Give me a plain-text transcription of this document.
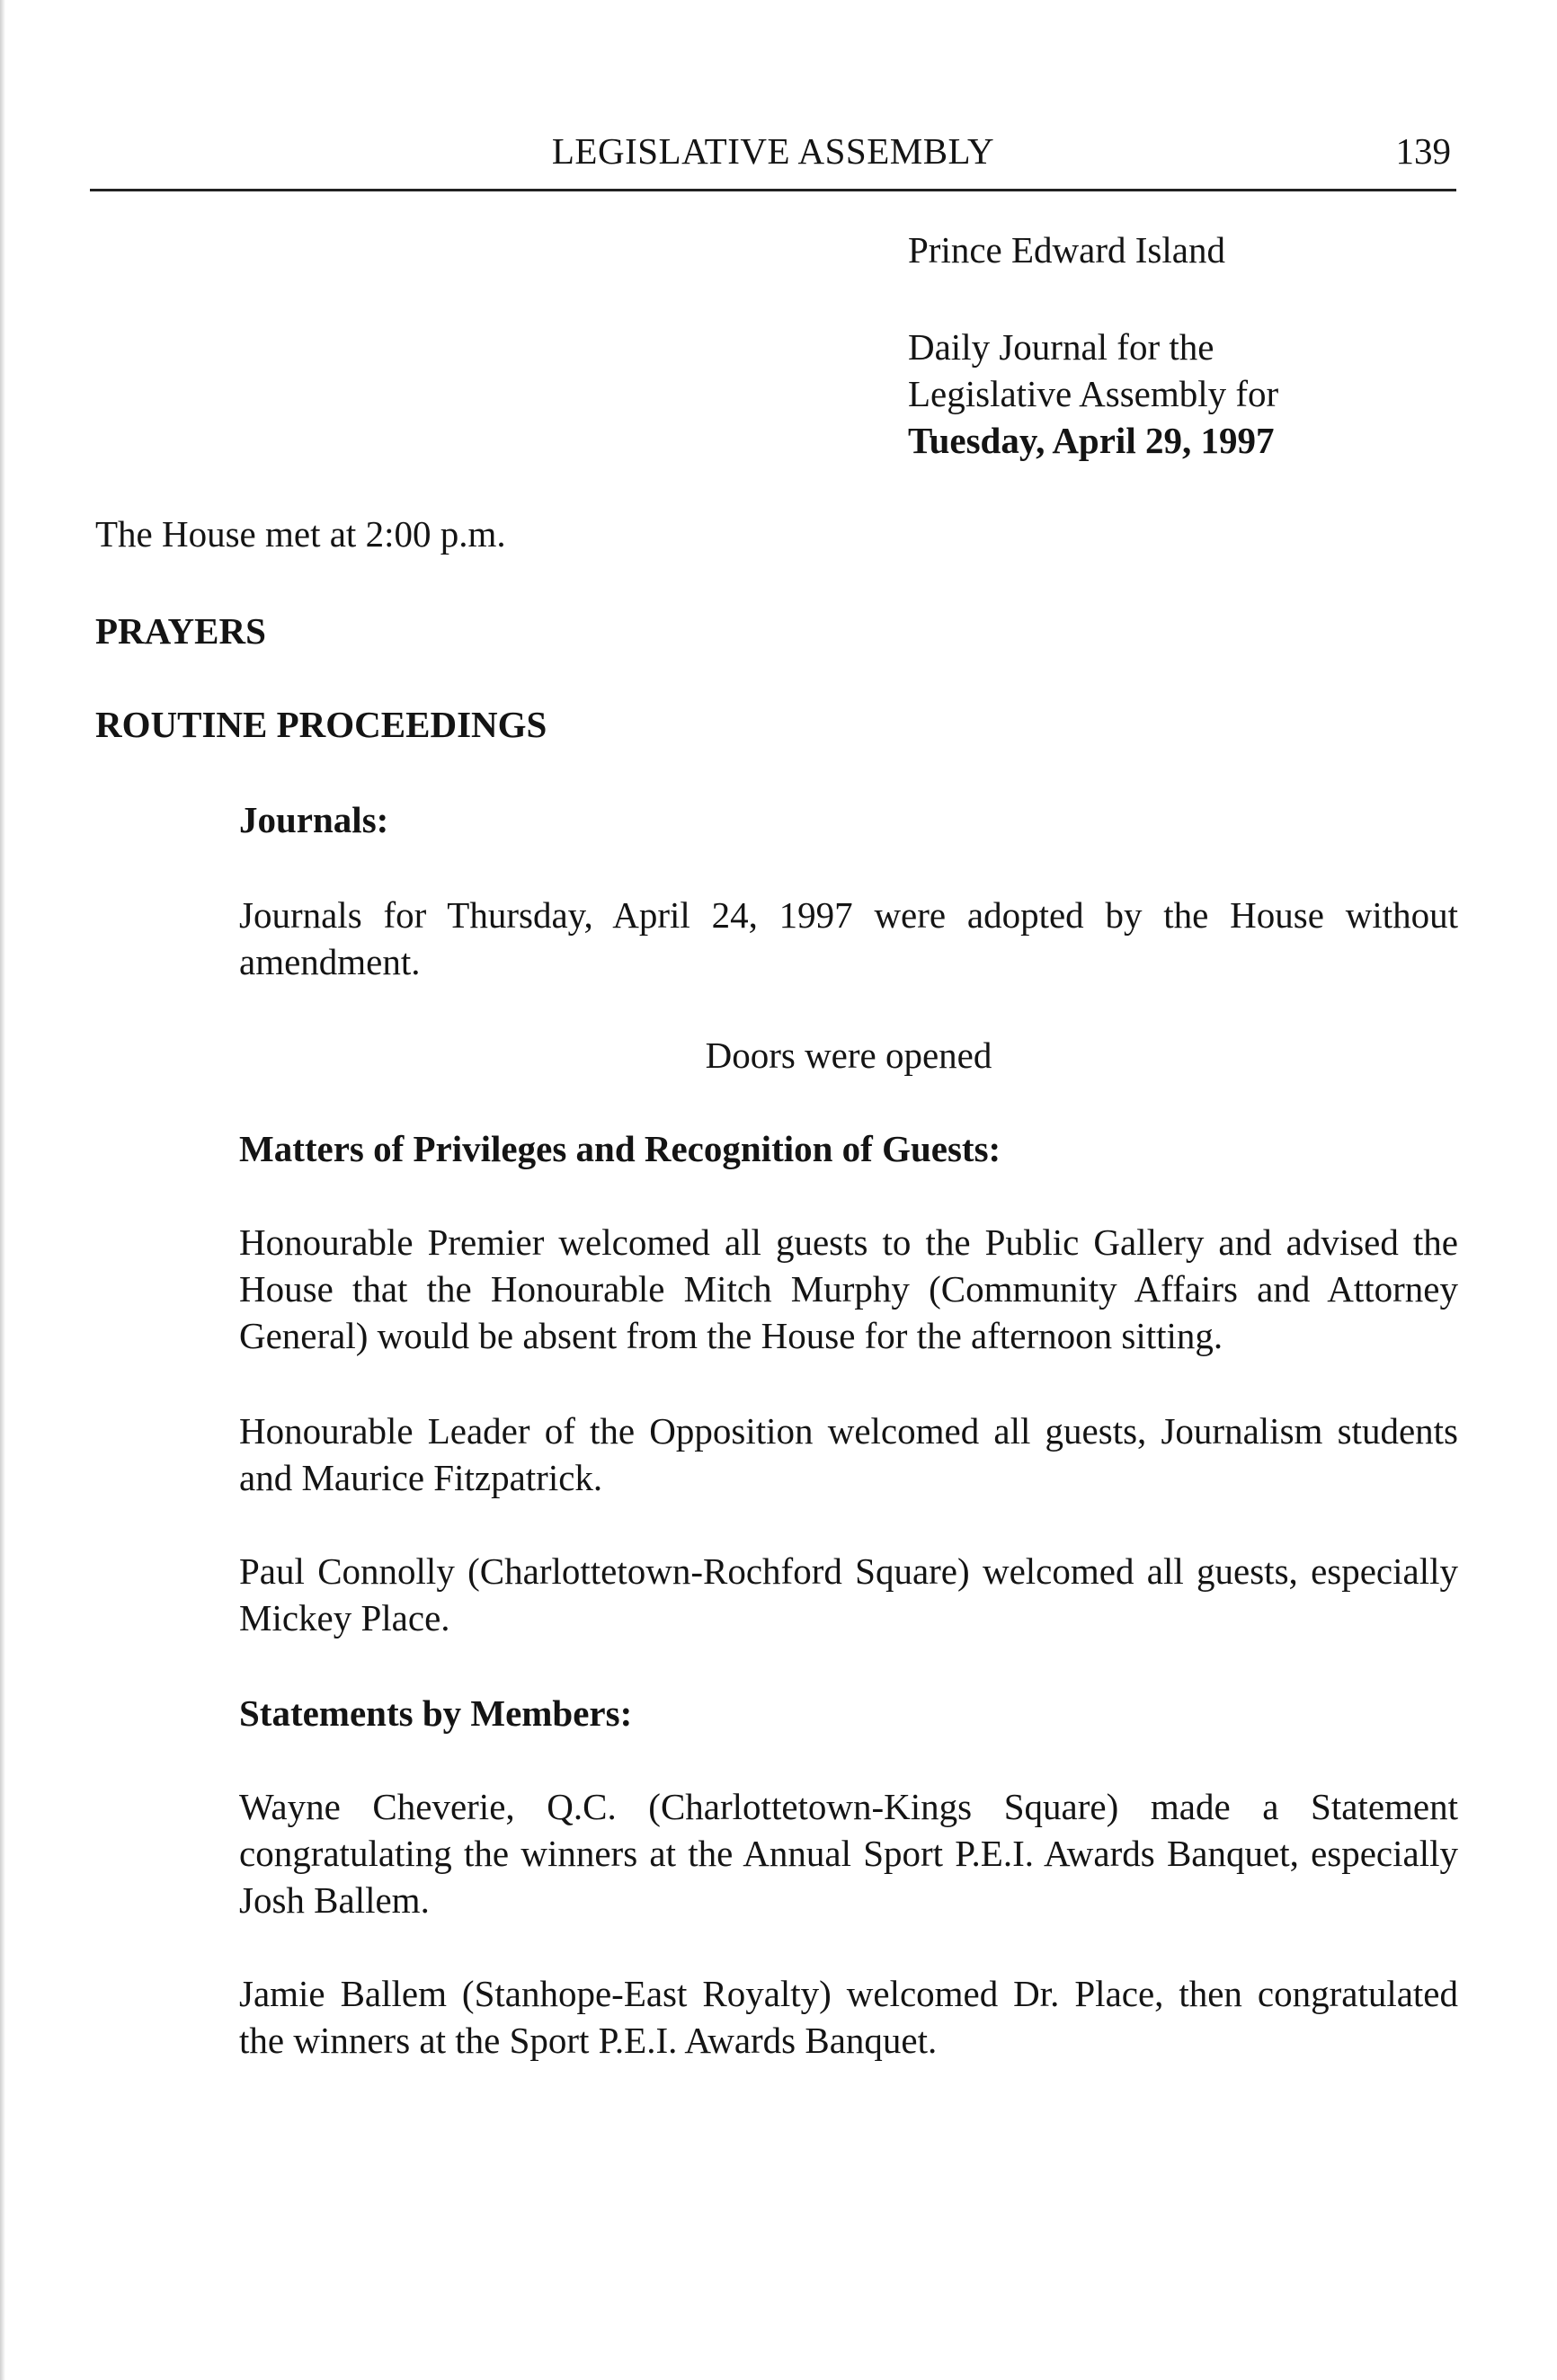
LEGISLATIVE ASSEMBLY	139
Prince Edward Island
Daily Journal for the
Legislative Assembly for
Tuesday, April 29, 1997
The House met at 2:00 p.m.
PRAYERS
ROUTINE PROCEEDINGS
Journals:
Journals for Thursday, April 24, 1997 were adopted by the House without amendment.
Doors were opened
Matters of Privileges and Recognition of Guests:
Honourable Premier welcomed all guests to the Public Gallery and advised the House that the Honourable Mitch Murphy (Community Affairs and Attorney General) would be absent from the House for the afternoon sitting.
Honourable Leader of the Opposition welcomed all guests, Journalism students and Maurice Fitzpatrick.
Paul Connolly (Charlottetown-Rochford Square) welcomed all guests, especially Mickey Place.
Statements by Members:
Wayne Cheverie, Q.C. (Charlottetown-Kings Square) made a Statement congratulating the winners at the Annual Sport P.E.I. Awards Banquet, especially Josh Ballem.
Jamie Ballem (Stanhope-East Royalty) welcomed Dr. Place, then congratulated the winners at the Sport P.E.I. Awards Banquet.
